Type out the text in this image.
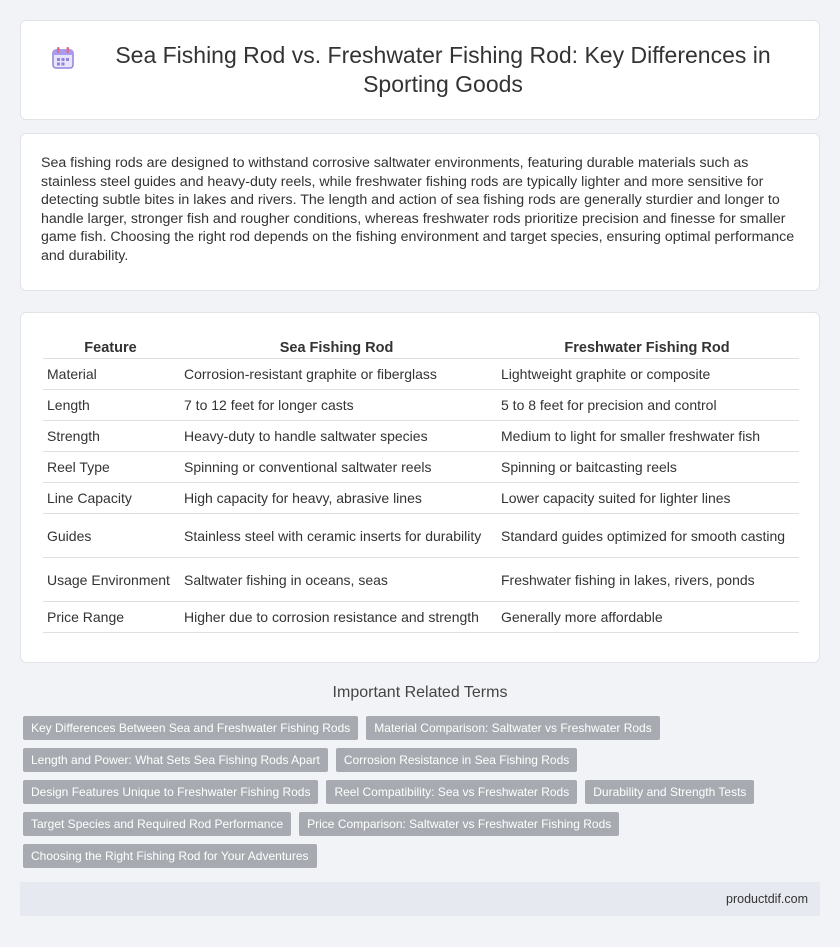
Sea Fishing Rod vs. Freshwater Fishing Rod: Key Differences in Sporting Goods

Sea fishing rods are designed to withstand corrosive saltwater environments, featuring durable materials such as stainless steel guides and heavy-duty reels, while freshwater fishing rods are typically lighter and more sensitive for detecting subtle bites in lakes and rivers. The length and action of sea fishing rods are generally sturdier and longer to handle larger, stronger fish and rougher conditions, whereas freshwater rods prioritize precision and finesse for smaller game fish. Choosing the right rod depends on the fishing environment and target species, ensuring optimal performance and durability.

Feature	Sea Fishing Rod	Freshwater Fishing Rod
Material	Corrosion-resistant graphite or fiberglass	Lightweight graphite or composite
Length	7 to 12 feet for longer casts	5 to 8 feet for precision and control
Strength	Heavy-duty to handle saltwater species	Medium to light for smaller freshwater fish
Reel Type	Spinning or conventional saltwater reels	Spinning or baitcasting reels
Line Capacity	High capacity for heavy, abrasive lines	Lower capacity suited for lighter lines
Guides	Stainless steel with ceramic inserts for durability	Standard guides optimized for smooth casting
Usage Environment	Saltwater fishing in oceans, seas	Freshwater fishing in lakes, rivers, ponds
Price Range	Higher due to corrosion resistance and strength	Generally more affordable
Important Related Terms
Key Differences Between Sea and Freshwater Fishing Rods	Material Comparison: Saltwater vs Freshwater Rods
Length and Power: What Sets Sea Fishing Rods Apart	Corrosion Resistance in Sea Fishing Rods
Design Features Unique to Freshwater Fishing Rods	Reel Compatibility: Sea vs Freshwater Rods	Durability and Strength Tests
Target Species and Required Rod Performance	Price Comparison: Saltwater vs Freshwater Fishing Rods
Choosing the Right Fishing Rod for Your Adventures
productdif.com
